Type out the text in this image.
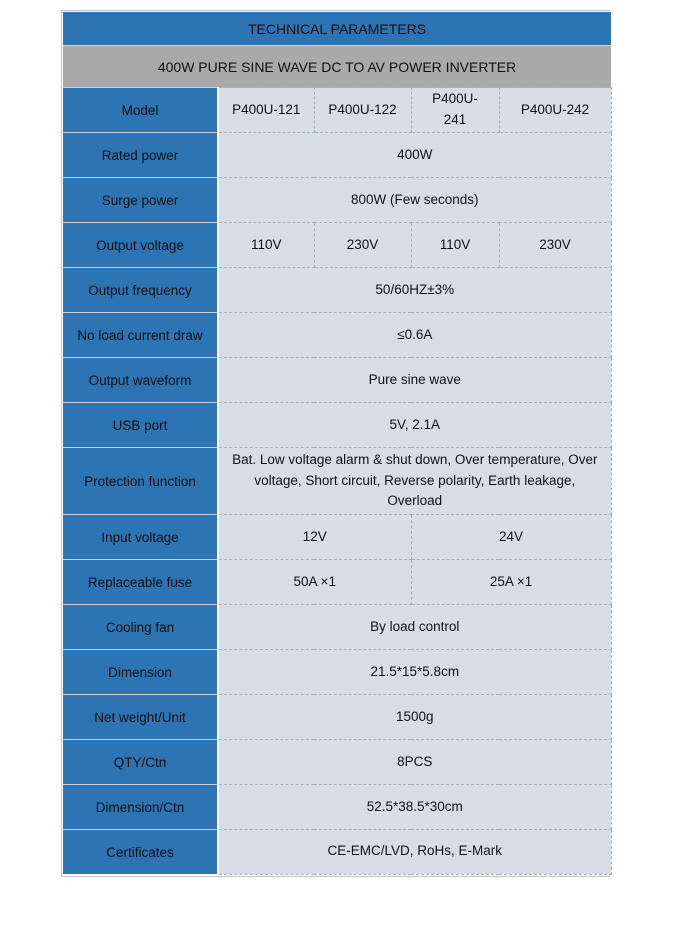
TECHNICAL PARAMETERS				
400W PURE SINE WAVE DC TO AV POWER INVERTER				
Model	P400U-121	P400U-122	P400U-241	P400U-242
Rated power	400W			
Surge power	800W (Few seconds)			
Output voltage	110V	230V	110V	230V
Output frequency	50/60HZ±3%			
No load current draw	≤0.6A			
Output waveform	Pure sine wave			
USB port	5V, 2.1A			
Protection function	Bat. Low voltage alarm & shut down, Over temperature, Over voltage, Short circuit, Reverse polarity, Earth leakage, Overload			
Input voltage	12V		24V	
Replaceable fuse	50A ×1		25A ×1	
Cooling fan	By load control			
Dimension	21.5*15*5.8cm			
Net weight/Unit	1500g			
QTY/Ctn	8PCS			
Dimension/Ctn	52.5*38.5*30cm			
Certificates	CE-EMC/LVD, RoHs, E-Mark			
